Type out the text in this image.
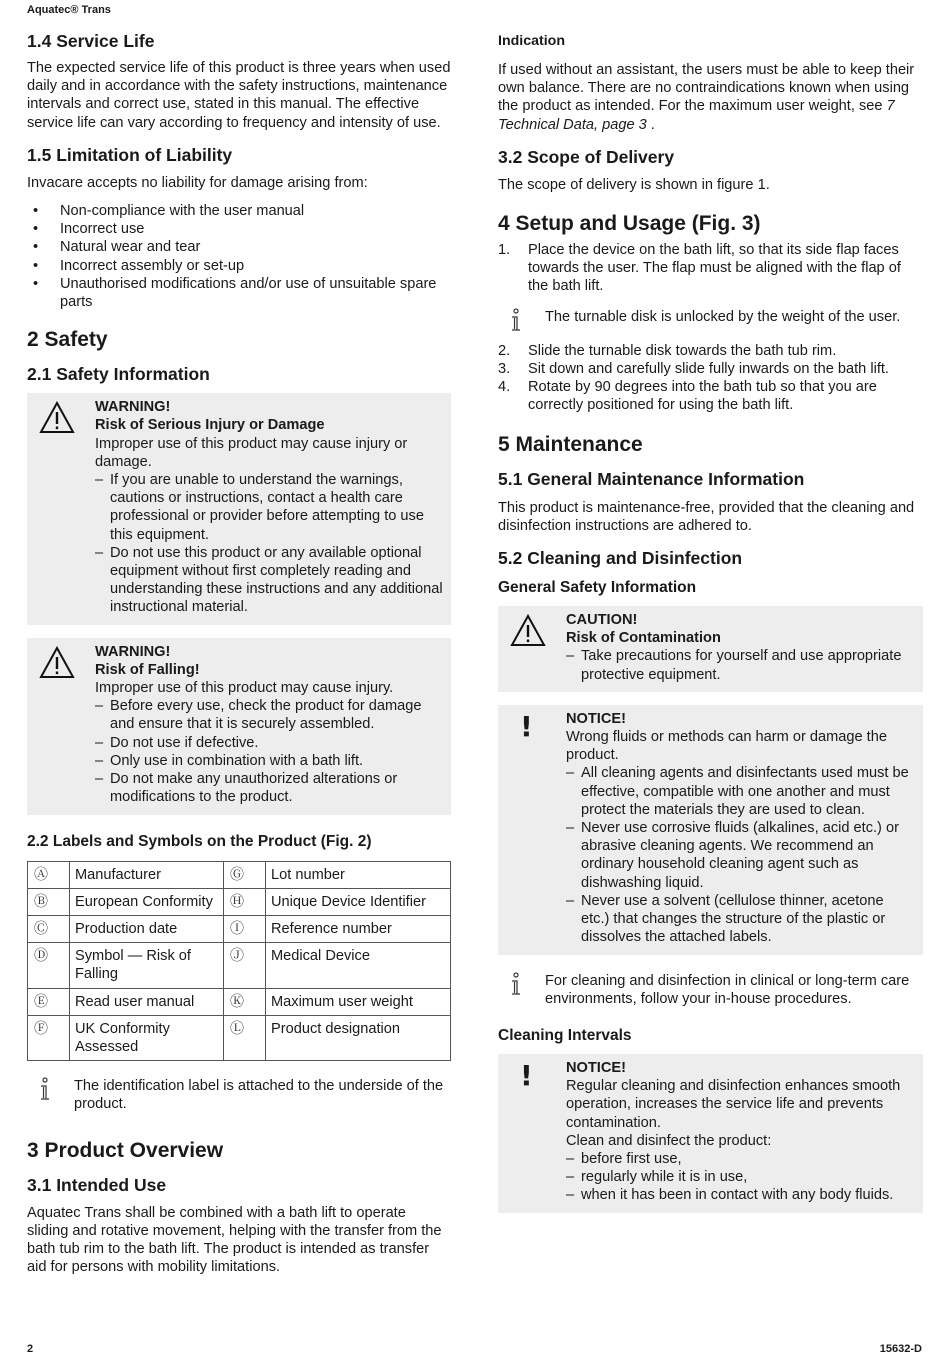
Aquatec® Trans
1.4 Service Life

The expected service life of this product is three years when used daily and in accordance with the safety instructions, maintenance intervals and correct use, stated in this manual. The effective service life can vary according to frequency and intensity of use.

1.5 Limitation of Liability

Invacare accepts no liability for damage arising from:

• Non-compliance with the user manual
• Incorrect use
• Natural wear and tear
• Incorrect assembly or set-up
• Unauthorised modifications and/or use of unsuitable spare parts
2 Safety
2.1 Safety Information
WARNING!
Risk of Serious Injury or Damage

Improper use of this product may cause injury or damage.

– If you are unable to understand the warnings, cautions or instructions, contact a health care professional or provider before attempting to use this equipment.
– Do not use this product or any available optional equipment without first completely reading and understanding these instructions and any additional instructional material.
WARNING!
Risk of Falling!

Improper use of this product may cause injury.

– Before every use, check the product for damage and ensure that it is securely assembled.
– Do not use if defective.
– Only use in combination with a bath lift.
– Do not make any unauthorized alterations or modifications to the product.
2.2 Labels and Symbols on the Product (Fig. 2)
Ⓐ	Manufacturer	Ⓖ	Lot number
Ⓑ	European Conformity	Ⓗ	Unique Device Identifier
Ⓒ	Production date	Ⓘ	Reference number
Ⓓ	Symbol — Risk of Falling	Ⓙ	Medical Device
Ⓔ	Read user manual	Ⓚ	Maximum user weight
Ⓕ	UK Conformity Assessed	Ⓛ	Product designation

The identification label is attached to the underside of the product.

3 Product Overview
3.1 Intended Use

Aquatec Trans shall be combined with a bath lift to operate sliding and rotative movement, helping with the transfer from the bath tub rim to the bath lift. The product is intended as transfer aid for persons with mobility limitations.

Indication

If used without an assistant, the users must be able to keep their own balance. There are no contraindications known when using the product as intended. For the maximum user weight, see 7 Technical Data, page 3 .

3.2 Scope of Delivery

The scope of delivery is shown in figure 1.

4 Setup and Usage (Fig. 3)
1. Place the device on the bath lift, so that its side flap faces towards the user. The flap must be aligned with the flap of the bath lift.

The turnable disk is unlocked by the weight of the user.

2. Slide the turnable disk towards the bath tub rim.
3. Sit down and carefully slide fully inwards on the bath lift.
4. Rotate by 90 degrees into the bath tub so that you are correctly positioned for using the bath lift.
5 Maintenance
5.1 General Maintenance Information

This product is maintenance-free, provided that the cleaning and disinfection instructions are adhered to.

5.2 Cleaning and Disinfection
General Safety Information
CAUTION!
Risk of Contamination
– Take precautions for yourself and use appropriate protective equipment.
! NOTICE!

Wrong fluids or methods can harm or damage the product.

– All cleaning agents and disinfectants used must be effective, compatible with one another and must protect the materials they are used to clean.
– Never use corrosive fluids (alkalines, acid etc.) or abrasive cleaning agents. We recommend an ordinary household cleaning agent such as dishwashing liquid.
– Never use a solvent (cellulose thinner, acetone etc.) that changes the structure of the plastic or dissolves the attached labels.

For cleaning and disinfection in clinical or long-term care environments, follow your in-house procedures.

Cleaning Intervals
! NOTICE!

Regular cleaning and disinfection enhances smooth operation, increases the service life and prevents contamination.

Clean and disinfect the product:

– before first use,
– regularly while it is in use,
– when it has been in contact with any body fluids.
2	15632-D
